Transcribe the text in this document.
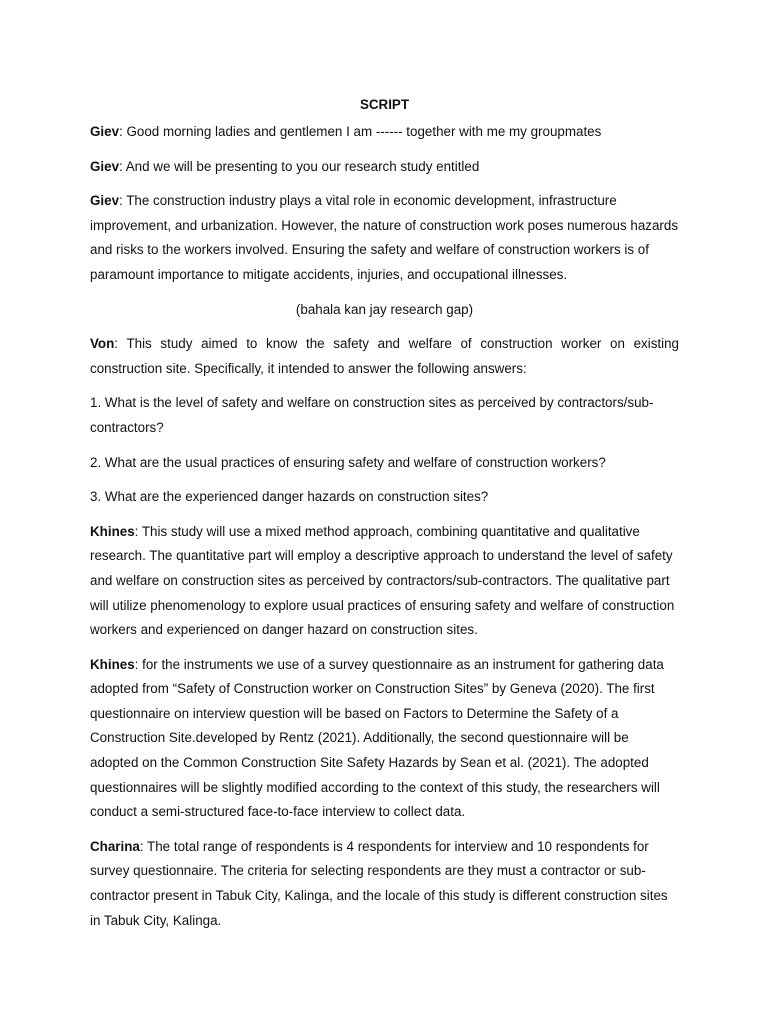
SCRIPT

Giev: Good morning ladies and gentlemen I am ------ together with me my groupmates

Giev: And we will be presenting to you our research study entitled

Giev: The construction industry plays a vital role in economic development, infrastructure improvement, and urbanization. However, the nature of construction work poses numerous hazards and risks to the workers involved. Ensuring the safety and welfare of construction workers is of paramount importance to mitigate accidents, injuries, and occupational illnesses.

(bahala kan jay research gap)

Von: This study aimed to know the safety and welfare of construction worker on existing construction site. Specifically, it intended to answer the following answers:

1. What is the level of safety and welfare on construction sites as perceived by contractors/sub-contractors?

2. What are the usual practices of ensuring safety and welfare of construction workers?

3. What are the experienced danger hazards on construction sites?

Khines: This study will use a mixed method approach, combining quantitative and qualitative research. The quantitative part will employ a descriptive approach to understand the level of safety and welfare on construction sites as perceived by contractors/sub-contractors. The qualitative part will utilize phenomenology to explore usual practices of ensuring safety and welfare of construction workers and experienced on danger hazard on construction sites.

Khines: for the instruments we use of a survey questionnaire as an instrument for gathering data adopted from “Safety of Construction worker on Construction Sites” by Geneva (2020). The first questionnaire on interview question will be based on Factors to Determine the Safety of a Construction Site.developed by Rentz (2021). Additionally, the second questionnaire will be adopted on the Common Construction Site Safety Hazards by Sean et al. (2021). The adopted questionnaires will be slightly modified according to the context of this study, the researchers will conduct a semi-structured face-to-face interview to collect data.

Charina: The total range of respondents is 4 respondents for interview and 10 respondents for survey questionnaire. The criteria for selecting respondents are they must a contractor or sub-contractor present in Tabuk City, Kalinga, and the locale of this study is different construction sites in Tabuk City, Kalinga.
